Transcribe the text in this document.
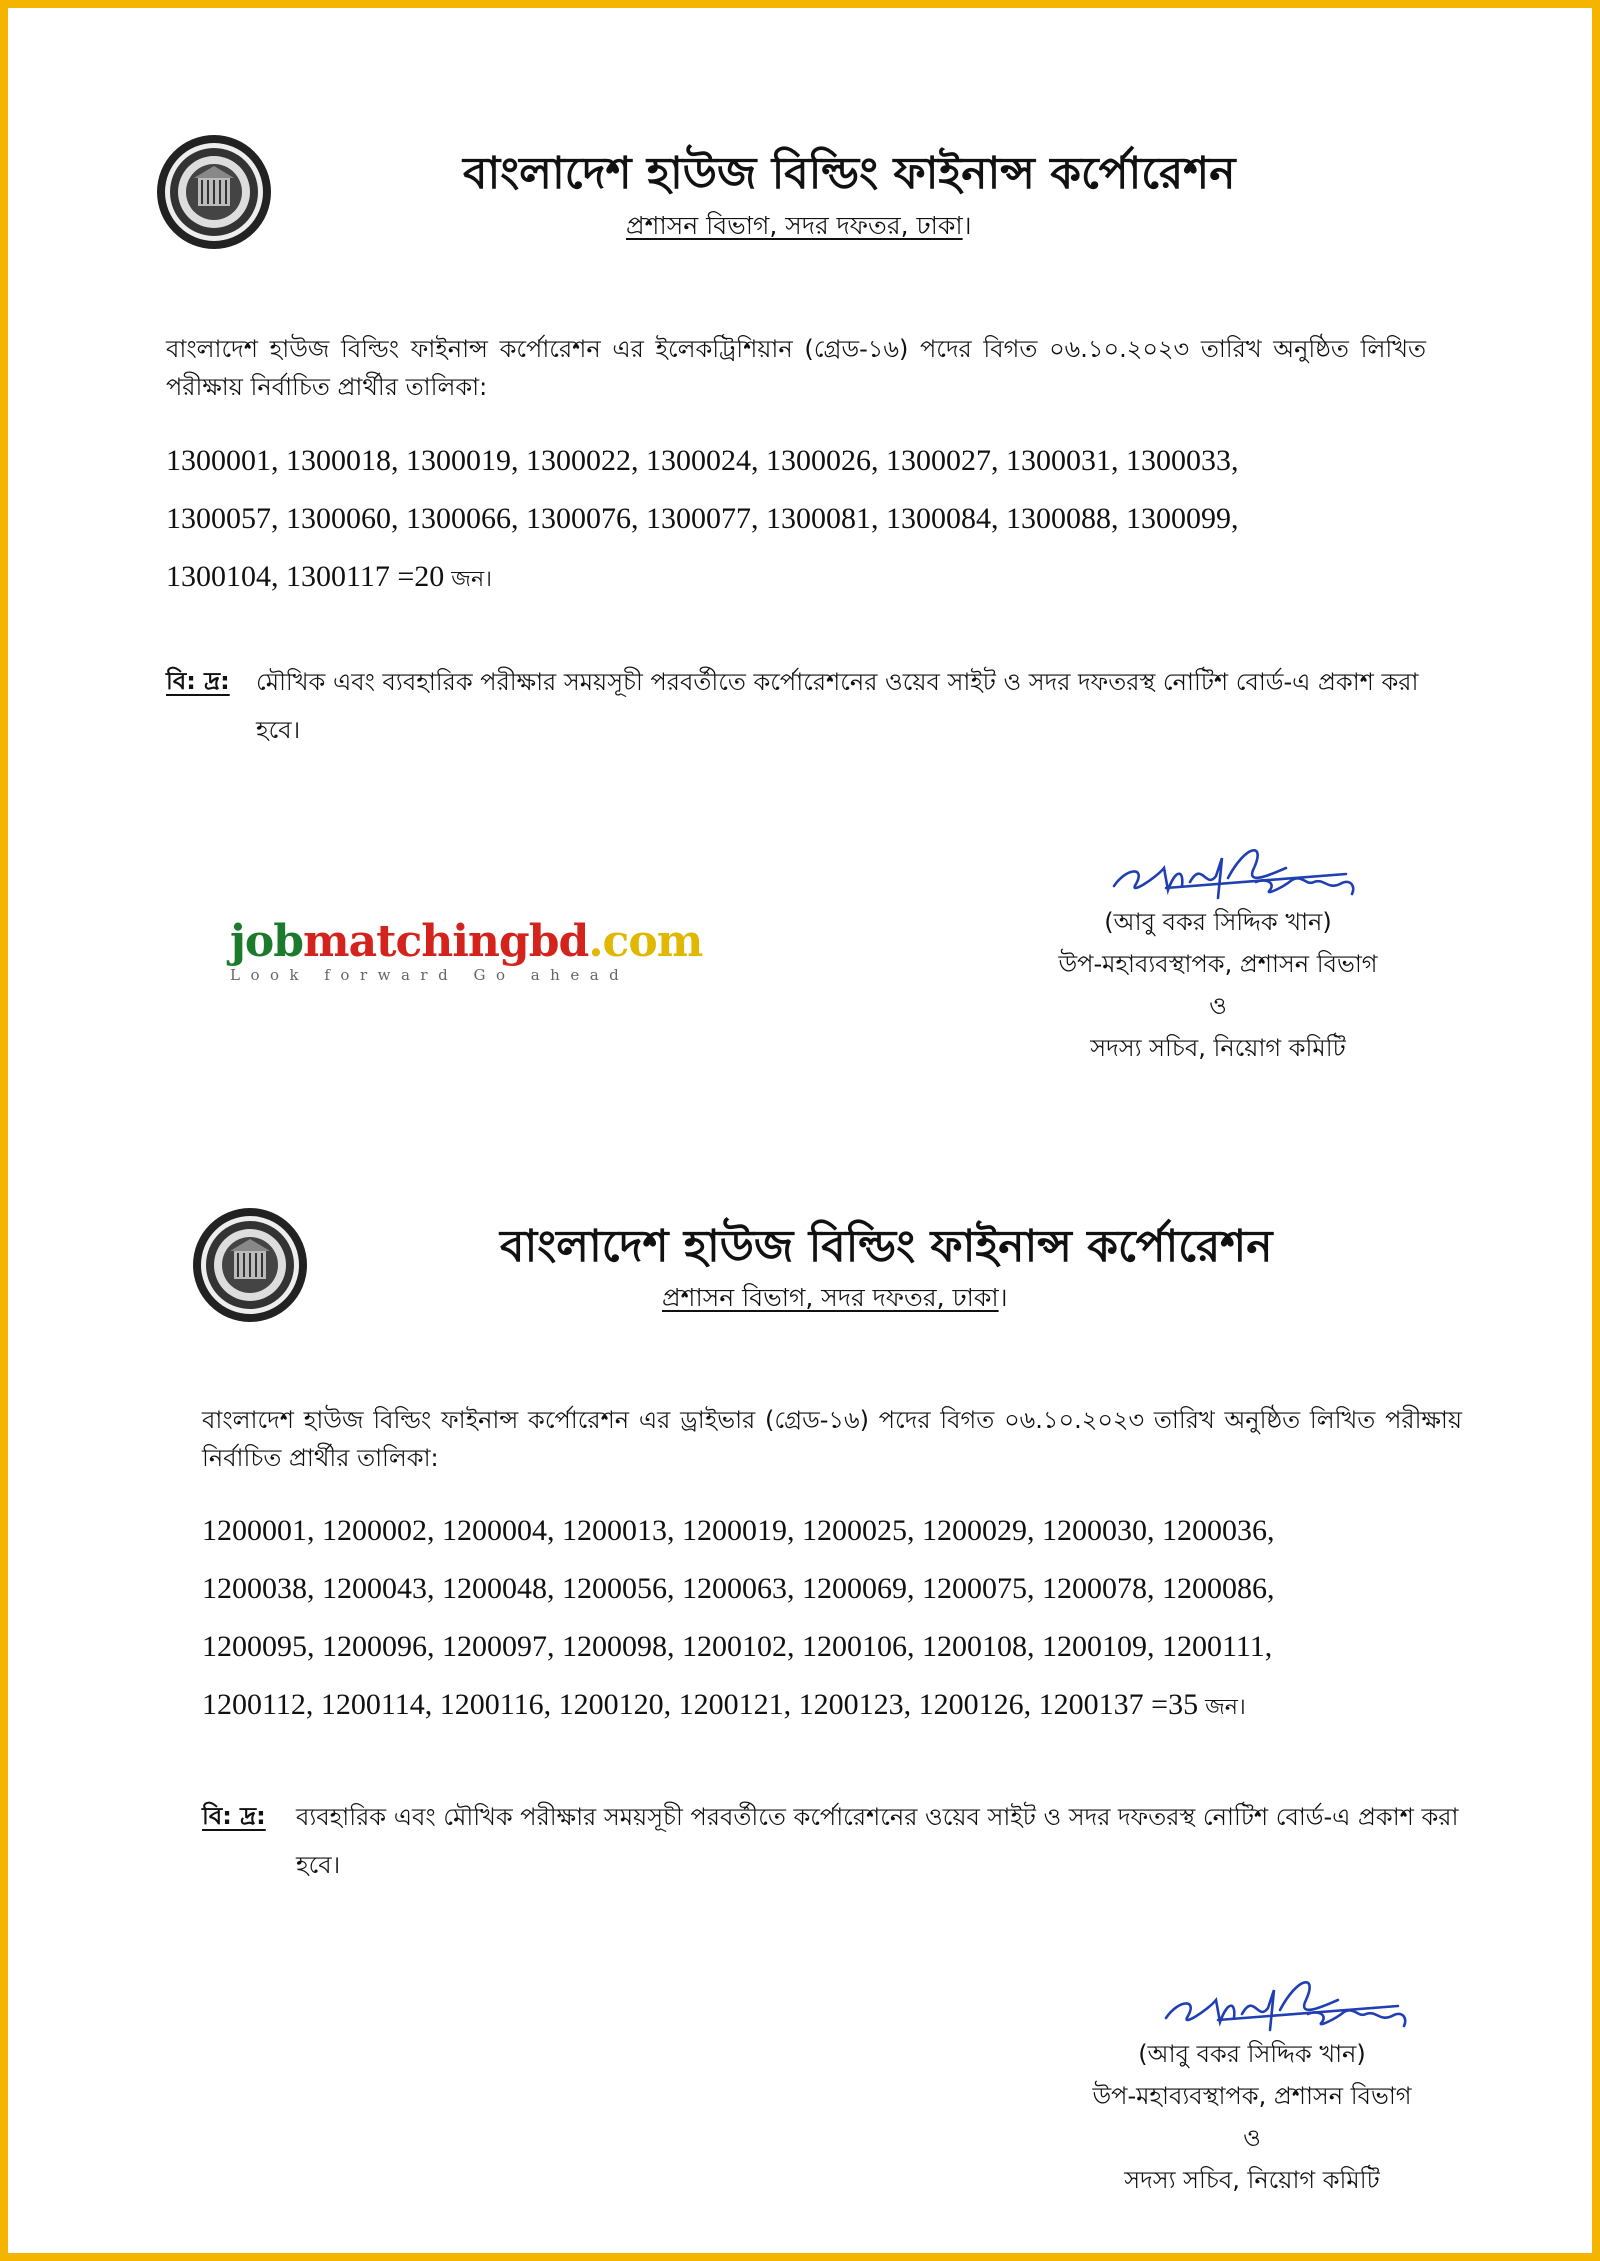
বাংলাদেশ হাউজ বিল্ডিং ফাইনান্স কর্পোরেশন
প্রশাসন বিভাগ, সদর দফতর, ঢাকা।
বাংলাদেশ হাউজ বিল্ডিং ফাইনান্স কর্পোরেশন এর ইলেকট্রিশিয়ান (গ্রেড-১৬) পদের বিগত ০৬.১০.২০২৩ তারিখ অনুষ্ঠিত লিখিত পরীক্ষায় নির্বাচিত প্রার্থীর তালিকা:
1300001, 1300018, 1300019, 1300022, 1300024, 1300026, 1300027, 1300031, 1300033,
1300057, 1300060, 1300066, 1300076, 1300077, 1300081, 1300084, 1300088, 1300099,
1300104, 1300117 =20 জন।
বি: দ্র: মৌখিক এবং ব্যবহারিক পরীক্ষার সময়সূচী পরবর্তীতে কর্পোরেশনের ওয়েব সাইট ও সদর দফতরস্থ নোটিশ বোর্ড-এ প্রকাশ করা হবে।
jobmatchingbd.com
Look forward Go ahead
(আবু বকর সিদ্দিক খান)
উপ-মহাব্যবস্থাপক, প্রশাসন বিভাগ
ও
সদস্য সচিব, নিয়োগ কমিটি
বাংলাদেশ হাউজ বিল্ডিং ফাইনান্স কর্পোরেশন
প্রশাসন বিভাগ, সদর দফতর, ঢাকা।
বাংলাদেশ হাউজ বিল্ডিং ফাইনান্স কর্পোরেশন এর ড্রাইভার (গ্রেড-১৬) পদের বিগত ০৬.১০.২০২৩ তারিখ অনুষ্ঠিত লিখিত পরীক্ষায় নির্বাচিত প্রার্থীর তালিকা:
1200001, 1200002, 1200004, 1200013, 1200019, 1200025, 1200029, 1200030, 1200036,
1200038, 1200043, 1200048, 1200056, 1200063, 1200069, 1200075, 1200078, 1200086,
1200095, 1200096, 1200097, 1200098, 1200102, 1200106, 1200108, 1200109, 1200111,
1200112, 1200114, 1200116, 1200120, 1200121, 1200123, 1200126, 1200137 =35 জন।
বি: দ্র: ব্যবহারিক এবং মৌখিক পরীক্ষার সময়সূচী পরবর্তীতে কর্পোরেশনের ওয়েব সাইট ও সদর দফতরস্থ নোটিশ বোর্ড-এ প্রকাশ করা হবে।
(আবু বকর সিদ্দিক খান)
উপ-মহাব্যবস্থাপক, প্রশাসন বিভাগ
ও
সদস্য সচিব, নিয়োগ কমিটি
